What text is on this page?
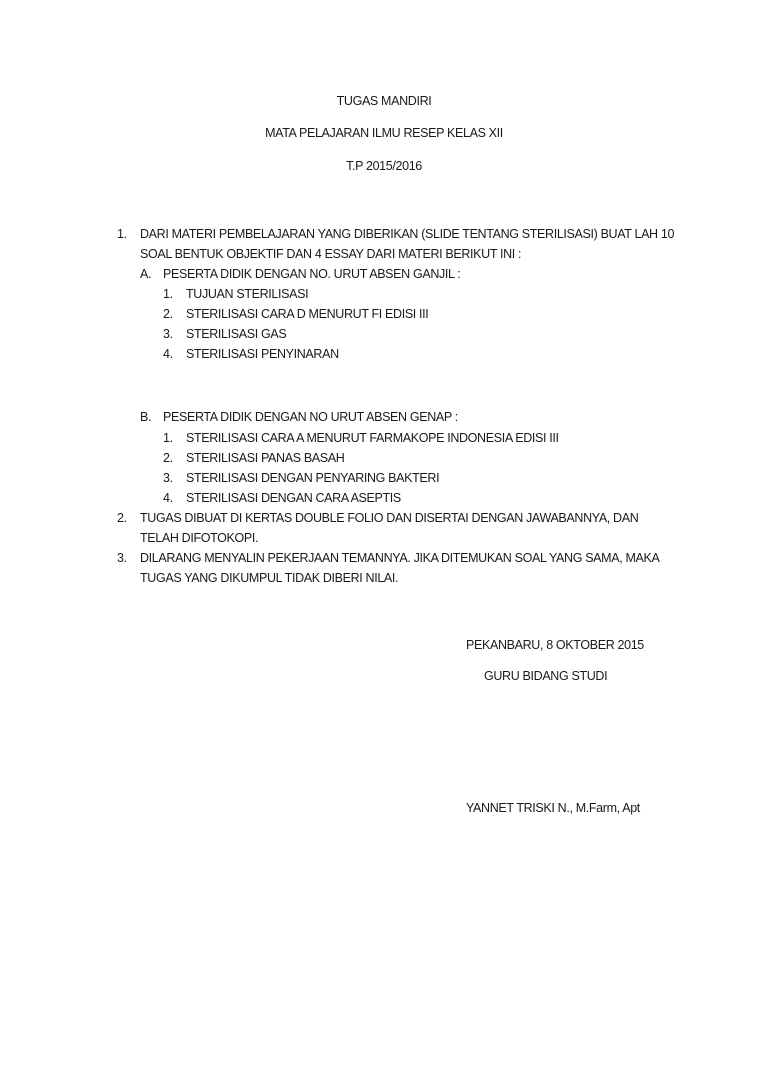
TUGAS MANDIRI
MATA PELAJARAN ILMU RESEP KELAS XII
T.P 2015/2016
1. DARI MATERI PEMBELAJARAN YANG DIBERIKAN (SLIDE TENTANG STERILISASI) BUAT LAH 10
SOAL BENTUK OBJEKTIF DAN 4 ESSAY DARI MATERI BERIKUT INI :
A. PESERTA DIDIK DENGAN NO. URUT ABSEN GANJIL :
1. TUJUAN STERILISASI
2. STERILISASI CARA D MENURUT FI EDISI III
3. STERILISASI GAS
4. STERILISASI PENYINARAN
B. PESERTA DIDIK DENGAN NO URUT ABSEN GENAP :
1. STERILISASI CARA A MENURUT FARMAKOPE INDONESIA EDISI III
2. STERILISASI PANAS BASAH
3. STERILISASI DENGAN PENYARING BAKTERI
4. STERILISASI DENGAN CARA ASEPTIS
2. TUGAS DIBUAT DI KERTAS DOUBLE FOLIO DAN DISERTAI DENGAN JAWABANNYA, DAN
TELAH DIFOTOKOPI.
3. DILARANG MENYALIN PEKERJAAN TEMANNYA. JIKA DITEMUKAN SOAL YANG SAMA, MAKA
TUGAS YANG DIKUMPUL TIDAK DIBERI NILAI.
PEKANBARU, 8 OKTOBER 2015
GURU BIDANG STUDI
YANNET TRISKI N., M.Farm, Apt
